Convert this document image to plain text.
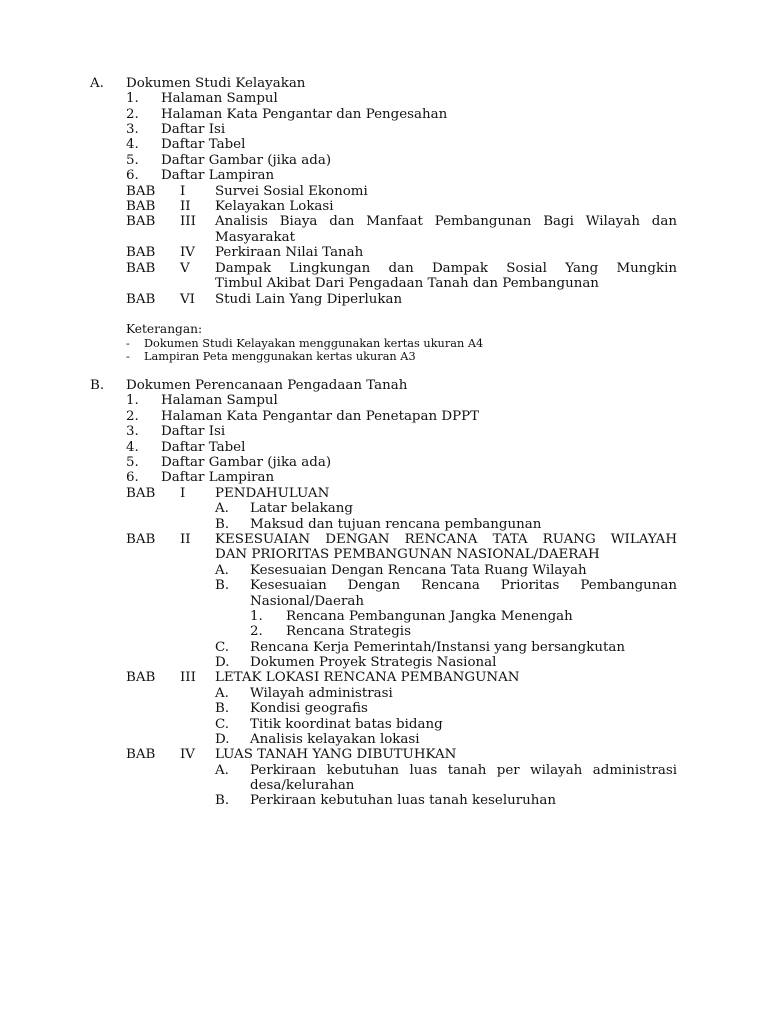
A. Dokumen Studi Kelayakan
1. Halaman Sampul
2. Halaman Kata Pengantar dan Pengesahan
3. Daftar Isi
4. Daftar Tabel
5. Daftar Gambar (jika ada)
6. Daftar Lampiran
BAB I Survei Sosial Ekonomi
BAB II Kelayakan Lokasi
BAB III Analisis Biaya dan Manfaat Pembangunan Bagi Wilayah dan
Masyarakat
BAB IV Perkiraan Nilai Tanah
BAB V Dampak Lingkungan dan Dampak Sosial Yang Mungkin
Timbul Akibat Dari Pengadaan Tanah dan Pembangunan
BAB VI Studi Lain Yang Diperlukan
Keterangan:
- Dokumen Studi Kelayakan menggunakan kertas ukuran A4
- Lampiran Peta menggunakan kertas ukuran A3
B. Dokumen Perencanaan Pengadaan Tanah
1. Halaman Sampul
2. Halaman Kata Pengantar dan Penetapan DPPT
3. Daftar Isi
4. Daftar Tabel
5. Daftar Gambar (jika ada)
6. Daftar Lampiran
BAB I PENDAHULUAN
A. Latar belakang
B. Maksud dan tujuan rencana pembangunan
BAB II KESESUAIAN DENGAN RENCANA TATA RUANG WILAYAH
DAN PRIORITAS PEMBANGUNAN NASIONAL/DAERAH
A. Kesesuaian Dengan Rencana Tata Ruang Wilayah
B. Kesesuaian Dengan Rencana Prioritas Pembangunan
Nasional/Daerah
1. Rencana Pembangunan Jangka Menengah
2. Rencana Strategis
C. Rencana Kerja Pemerintah/Instansi yang bersangkutan
D. Dokumen Proyek Strategis Nasional
BAB III LETAK LOKASI RENCANA PEMBANGUNAN
A. Wilayah administrasi
B. Kondisi geografis
C. Titik koordinat batas bidang
D. Analisis kelayakan lokasi
BAB IV LUAS TANAH YANG DIBUTUHKAN
A. Perkiraan kebutuhan luas tanah per wilayah administrasi
desa/kelurahan
B. Perkiraan kebutuhan luas tanah keseluruhan
